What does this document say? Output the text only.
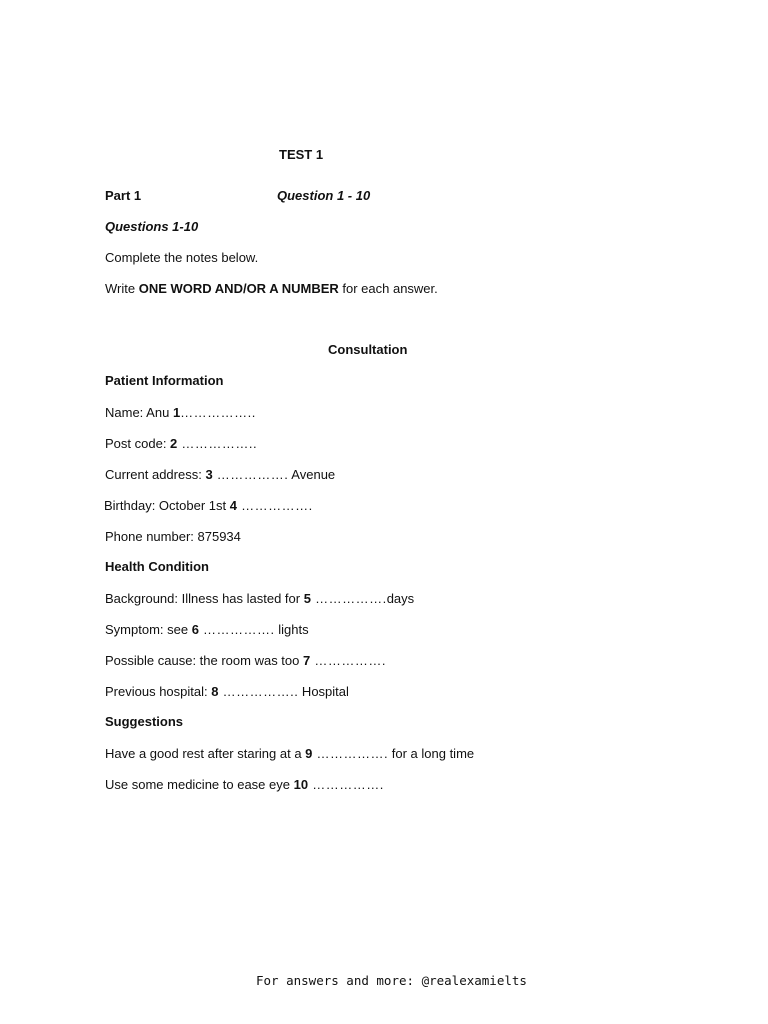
TEST 1
Part 1	Question 1 - 10
Questions 1-10
Complete the notes below.
Write ONE WORD AND/OR A NUMBER for each answer.
Consultation
Patient Information
Name: Anu 1……………..
Post code: 2 ……………..
Current address: 3 ……………. Avenue
Birthday: October 1st 4 …………….
Phone number: 875934
Health Condition
Background: Illness has lasted for 5 …………….days
Symptom: see 6 ……………. lights
Possible cause: the room was too 7 …………….
Previous hospital: 8 …………….. Hospital
Suggestions
Have a good rest after staring at a 9 ……………. for a long time
Use some medicine to ease eye 10 …………….
For answers and more: @realexamielts
